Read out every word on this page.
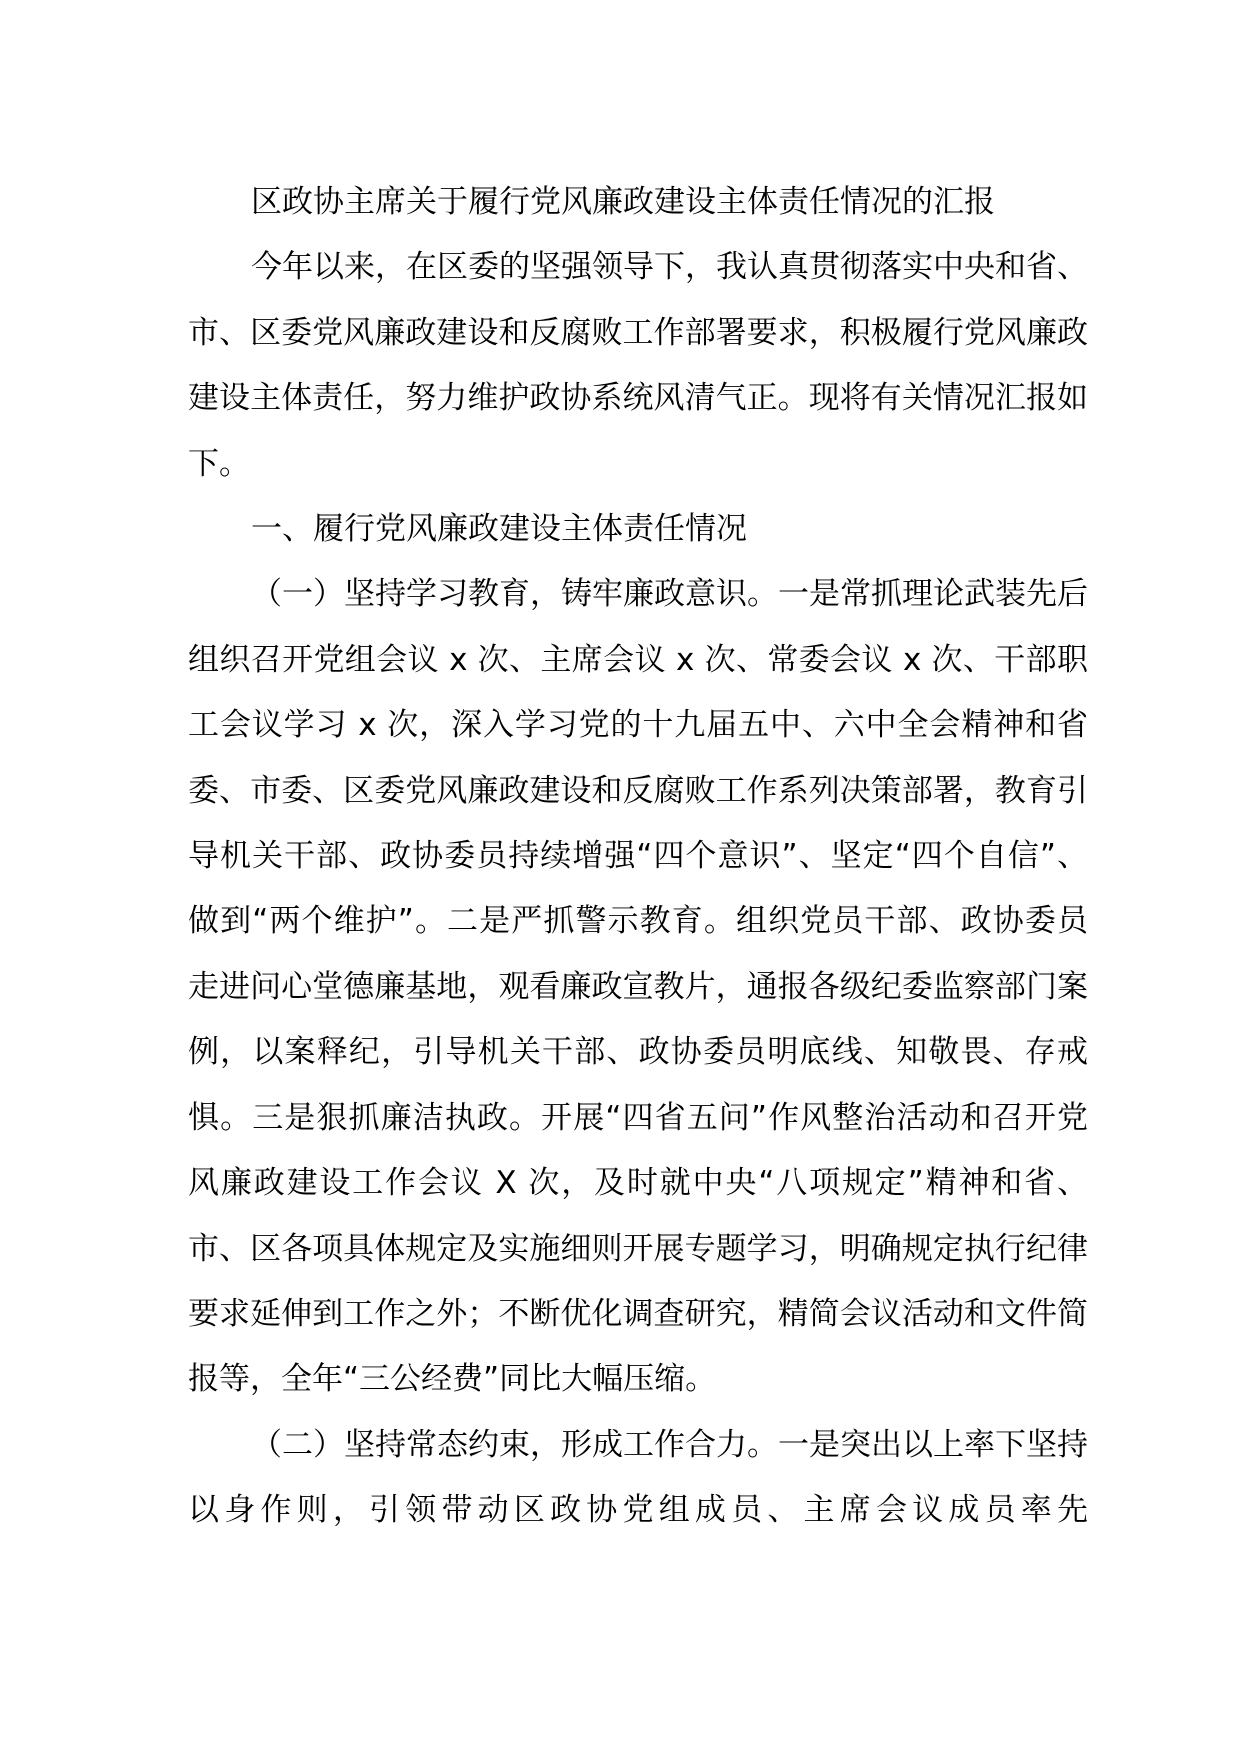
区政协主席关于履行党风廉政建设主体责任情况的汇报

今年以来，在区委的坚强领导下，我认真贯彻落实中央和省、市、区委党风廉政建设和反腐败工作部署要求，积极履行党风廉政建设主体责任，努力维护政协系统风清气正。现将有关情况汇报如下。

一、履行党风廉政建设主体责任情况

（一）坚持学习教育，铸牢廉政意识。一是常抓理论武装先后组织召开党组会议 x 次、主席会议 x 次、常委会议 x 次、干部职工会议学习 x 次，深入学习党的十九届五中、六中全会精神和省委、市委、区委党风廉政建设和反腐败工作系列决策部署，教育引导机关干部、政协委员持续增强“四个意识”、坚定“四个自信”、做到“两个维护”。二是严抓警示教育。组织党员干部、政协委员走进问心堂德廉基地，观看廉政宣教片，通报各级纪委监察部门案例，以案释纪，引导机关干部、政协委员明底线、知敬畏、存戒惧。三是狠抓廉洁执政。开展“四省五问”作风整治活动和召开党风廉政建设工作会议 X 次，及时就中央“八项规定”精神和省、市、区各项具体规定及实施细则开展专题学习，明确规定执行纪律要求延伸到工作之外；不断优化调查研究，精简会议活动和文件简报等，全年“三公经费”同比大幅压缩。

（二）坚持常态约束，形成工作合力。一是突出以上率下坚持以身作则，引领带动区政协党组成员、主席会议成员率先
